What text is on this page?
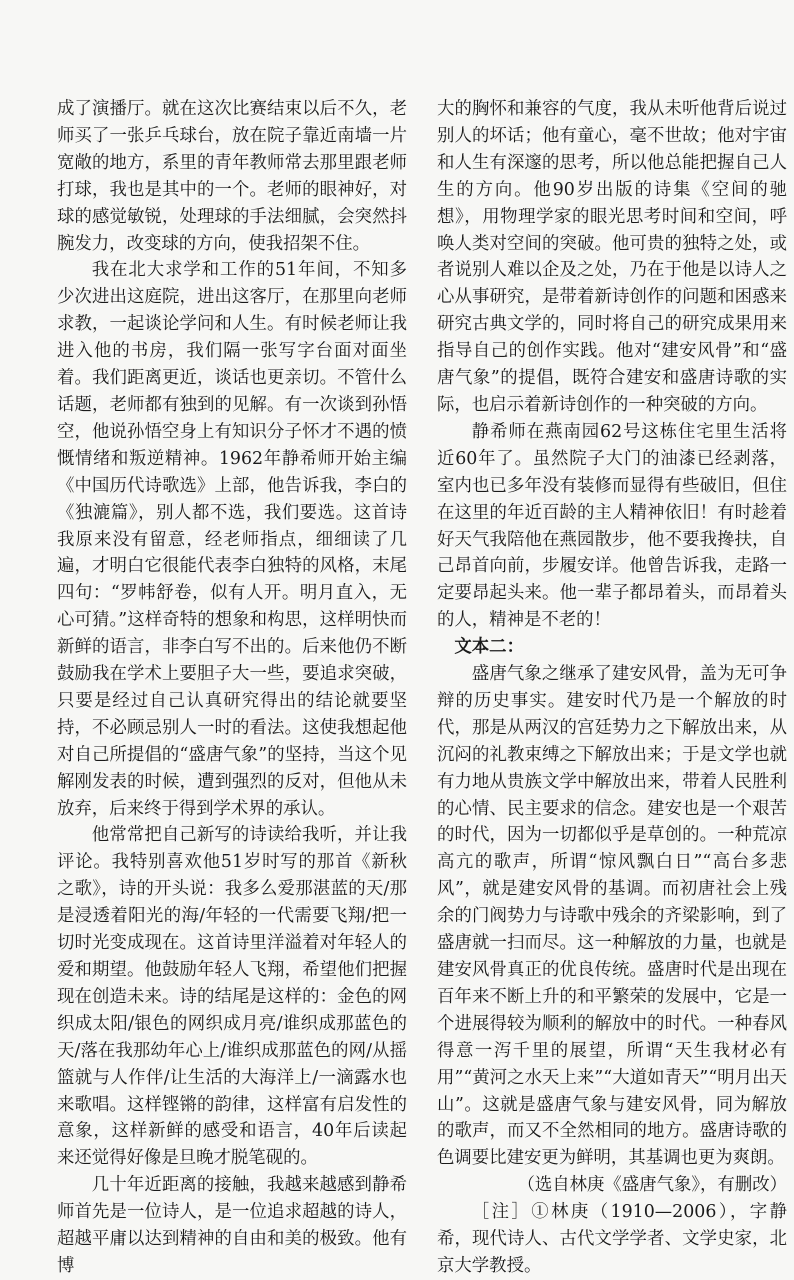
成了演播厅。就在这次比赛结束以后不久，老师买了一张乒乓球台，放在院子靠近南墙一片宽敞的地方，系里的青年教师常去那里跟老师打球，我也是其中的一个。老师的眼神好，对球的感觉敏锐，处理球的手法细腻，会突然抖腕发力，改变球的方向，使我招架不住。

我在北大求学和工作的51年间，不知多少次进出这庭院，进出这客厅，在那里向老师求教，一起谈论学问和人生。有时候老师让我进入他的书房，我们隔一张写字台面对面坐着。我们距离更近，谈话也更亲切。不管什么话题，老师都有独到的见解。有一次谈到孙悟空，他说孙悟空身上有知识分子怀才不遇的愤慨情绪和叛逆精神。1962年静希师开始主编《中国历代诗歌选》上部，他告诉我，李白的《独漉篇》，别人都不选，我们要选。这首诗我原来没有留意，经老师指点，细细读了几遍，才明白它很能代表李白独特的风格，末尾四句：“罗帏舒卷，似有人开。明月直入，无心可猜。”这样奇特的想象和构思，这样明快而新鲜的语言，非李白写不出的。后来他仍不断鼓励我在学术上要胆子大一些，要追求突破，只要是经过自己认真研究得出的结论就要坚持，不必顾忌别人一时的看法。这使我想起他对自己所提倡的“盛唐气象”的坚持，当这个见解刚发表的时候，遭到强烈的反对，但他从未放弃，后来终于得到学术界的承认。

他常常把自己新写的诗读给我听，并让我评论。我特别喜欢他51岁时写的那首《新秋之歌》，诗的开头说：我多么爱那湛蓝的天/那是浸透着阳光的海/年轻的一代需要飞翔/把一切时光变成现在。这首诗里洋溢着对年轻人的爱和期望。他鼓励年轻人飞翔，希望他们把握现在创造未来。诗的结尾是这样的：金色的网织成太阳/银色的网织成月亮/谁织成那蓝色的天/落在我那幼年心上/谁织成那蓝色的网/从摇篮就与人作伴/让生活的大海洋上/一滴露水也来歌唱。这样铿锵的韵律，这样富有启发性的意象，这样新鲜的感受和语言，40年后读起来还觉得好像是旦晚才脱笔砚的。

几十年近距离的接触，我越来越感到静希师首先是一位诗人，是一位追求超越的诗人，超越平庸以达到精神的自由和美的极致。他有博

大的胸怀和兼容的气度，我从未听他背后说过别人的坏话；他有童心，毫不世故；他对宇宙和人生有深邃的思考，所以他总能把握自己人生的方向。他90岁出版的诗集《空间的驰想》，用物理学家的眼光思考时间和空间，呼唤人类对空间的突破。他可贵的独特之处，或者说别人难以企及之处，乃在于他是以诗人之心从事研究，是带着新诗创作的问题和困惑来研究古典文学的，同时将自己的研究成果用来指导自己的创作实践。他对“建安风骨”和“盛唐气象”的提倡，既符合建安和盛唐诗歌的实际，也启示着新诗创作的一种突破的方向。

静希师在燕南园62号这栋住宅里生活将近60年了。虽然院子大门的油漆已经剥落，室内也已多年没有装修而显得有些破旧，但住在这里的年近百龄的主人精神依旧！有时趁着好天气我陪他在燕园散步，他不要我搀扶，自己昂首向前，步履安详。他曾告诉我，走路一定要昂起头来。他一辈子都昂着头，而昂着头的人，精神是不老的！

文本二：

盛唐气象之继承了建安风骨，盖为无可争辩的历史事实。建安时代乃是一个解放的时代，那是从两汉的宫廷势力之下解放出来，从沉闷的礼教束缚之下解放出来；于是文学也就有力地从贵族文学中解放出来，带着人民胜利的心情、民主要求的信念。建安也是一个艰苦的时代，因为一切都似乎是草创的。一种荒凉高亢的歌声，所谓“惊风飘白日”“高台多悲风”，就是建安风骨的基调。而初唐社会上残余的门阀势力与诗歌中残余的齐梁影响，到了盛唐就一扫而尽。这一种解放的力量，也就是建安风骨真正的优良传统。盛唐时代是出现在百年来不断上升的和平繁荣的发展中，它是一个进展得较为顺利的解放中的时代。一种春风得意一泻千里的展望，所谓“天生我材必有用”“黄河之水天上来”“大道如青天”“明月出天山”。这就是盛唐气象与建安风骨，同为解放的歌声，而又不全然相同的地方。盛唐诗歌的色调要比建安更为鲜明，其基调也更为爽朗。

（选自林庚《盛唐气象》，有删改）

［注］①林庚（1910—2006），字静希，现代诗人、古代文学学者、文学史家，北京大学教授。
